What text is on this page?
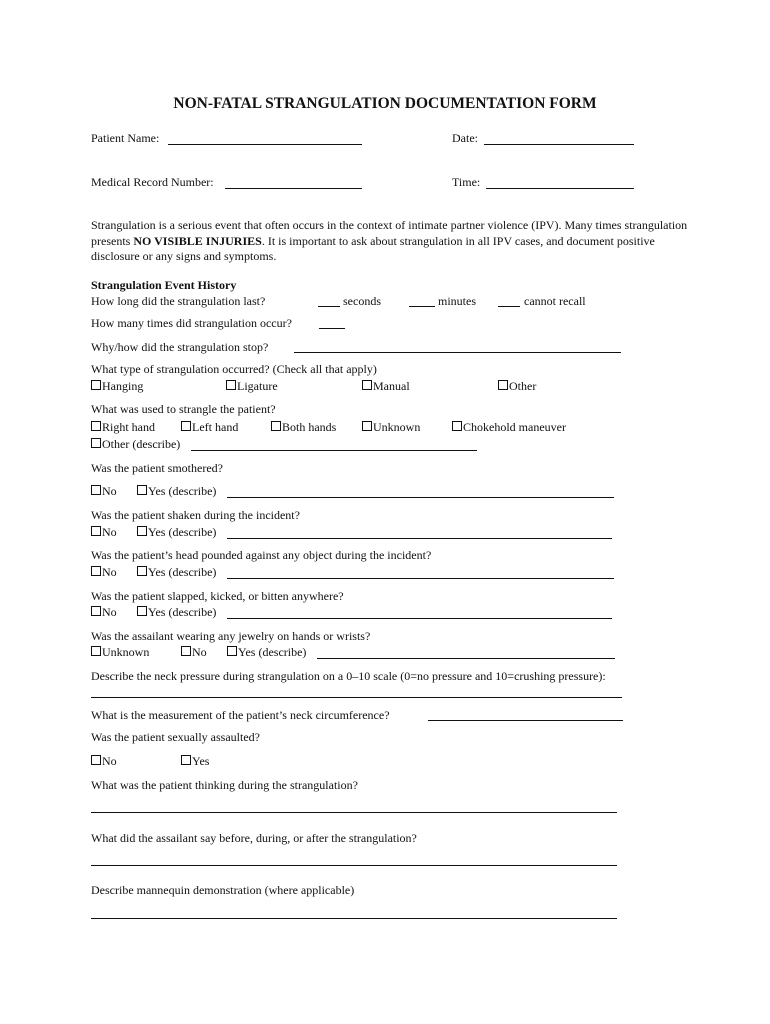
NON-FATAL STRANGULATION DOCUMENTATION FORM
Patient Name:	Date:
Medical Record Number:	Time:
Strangulation is a serious event that often occurs in the context of intimate partner violence (IPV). Many times strangulation presents NO VISIBLE INJURIES. It is important to ask about strangulation in all IPV cases, and document positive disclosure or any signs and symptoms.
Strangulation Event History
How long did the strangulation last?	seconds	minutes	cannot recall
How many times did strangulation occur?
Why/how did the strangulation stop?
What type of strangulation occurred? (Check all that apply)
Hanging	Ligature	Manual	Other
What was used to strangle the patient?
Right hand	Left hand	Both hands	Unknown	Chokehold maneuver
Other (describe)
Was the patient smothered?
No	Yes (describe)
Was the patient shaken during the incident?
No	Yes (describe)
Was the patient’s head pounded against any object during the incident?
No	Yes (describe)
Was the patient slapped, kicked, or bitten anywhere?
No	Yes (describe)
Was the assailant wearing any jewelry on hands or wrists?
Unknown	No	Yes (describe)
Describe the neck pressure during strangulation on a 0–10 scale (0=no pressure and 10=crushing pressure):
What is the measurement of the patient’s neck circumference?
Was the patient sexually assaulted?
No	Yes
What was the patient thinking during the strangulation?
What did the assailant say before, during, or after the strangulation?
Describe mannequin demonstration (where applicable)
